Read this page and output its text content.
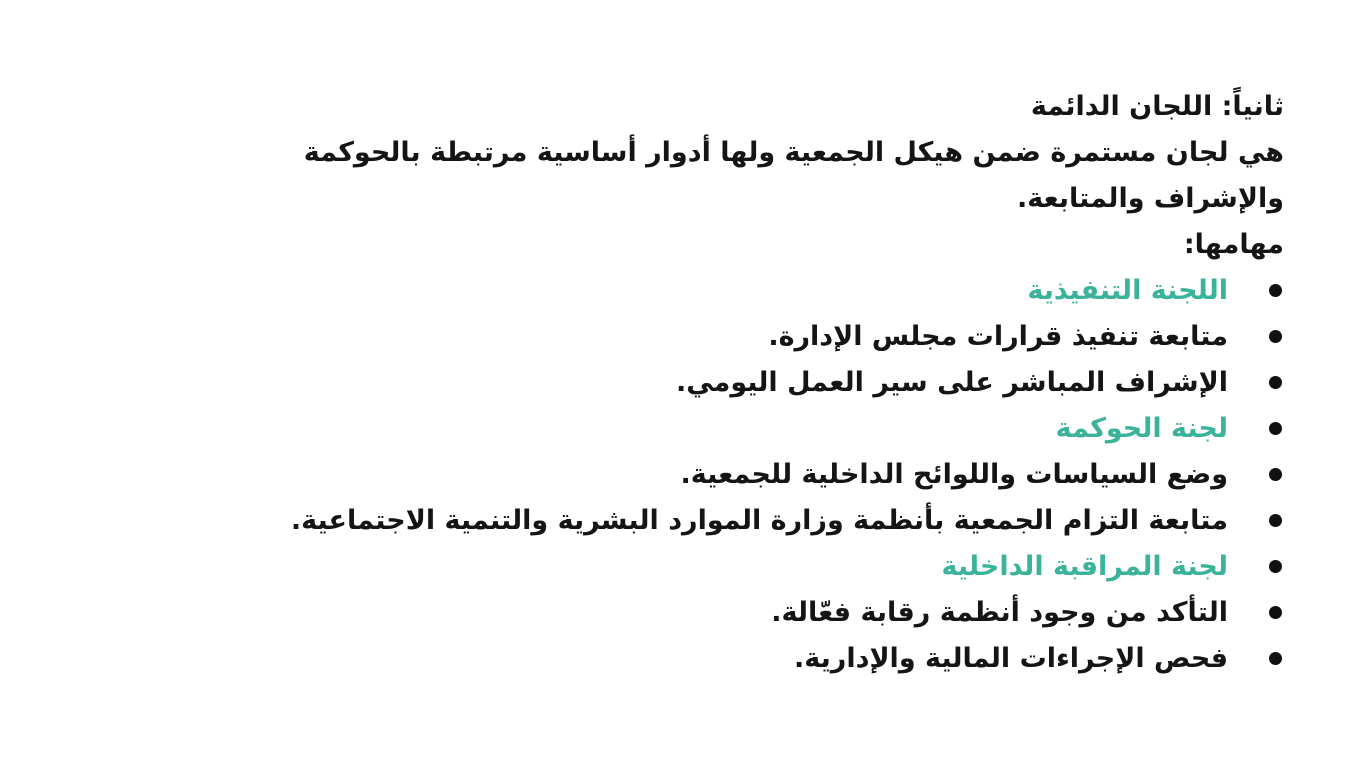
ثانياً: اللجان الدائمة

هي لجان مستمرة ضمن هيكل الجمعية ولها أدوار أساسية مرتبطة بالحوكمة

والإشراف والمتابعة.

مهامها:

اللجنة التنفيذية
متابعة تنفيذ قرارات مجلس الإدارة.
الإشراف المباشر على سير العمل اليومي.
لجنة الحوكمة
وضع السياسات واللوائح الداخلية للجمعية.
متابعة التزام الجمعية بأنظمة وزارة الموارد البشرية والتنمية الاجتماعية.
لجنة المراقبة الداخلية
التأكد من وجود أنظمة رقابة فعّالة.
فحص الإجراءات المالية والإدارية.
